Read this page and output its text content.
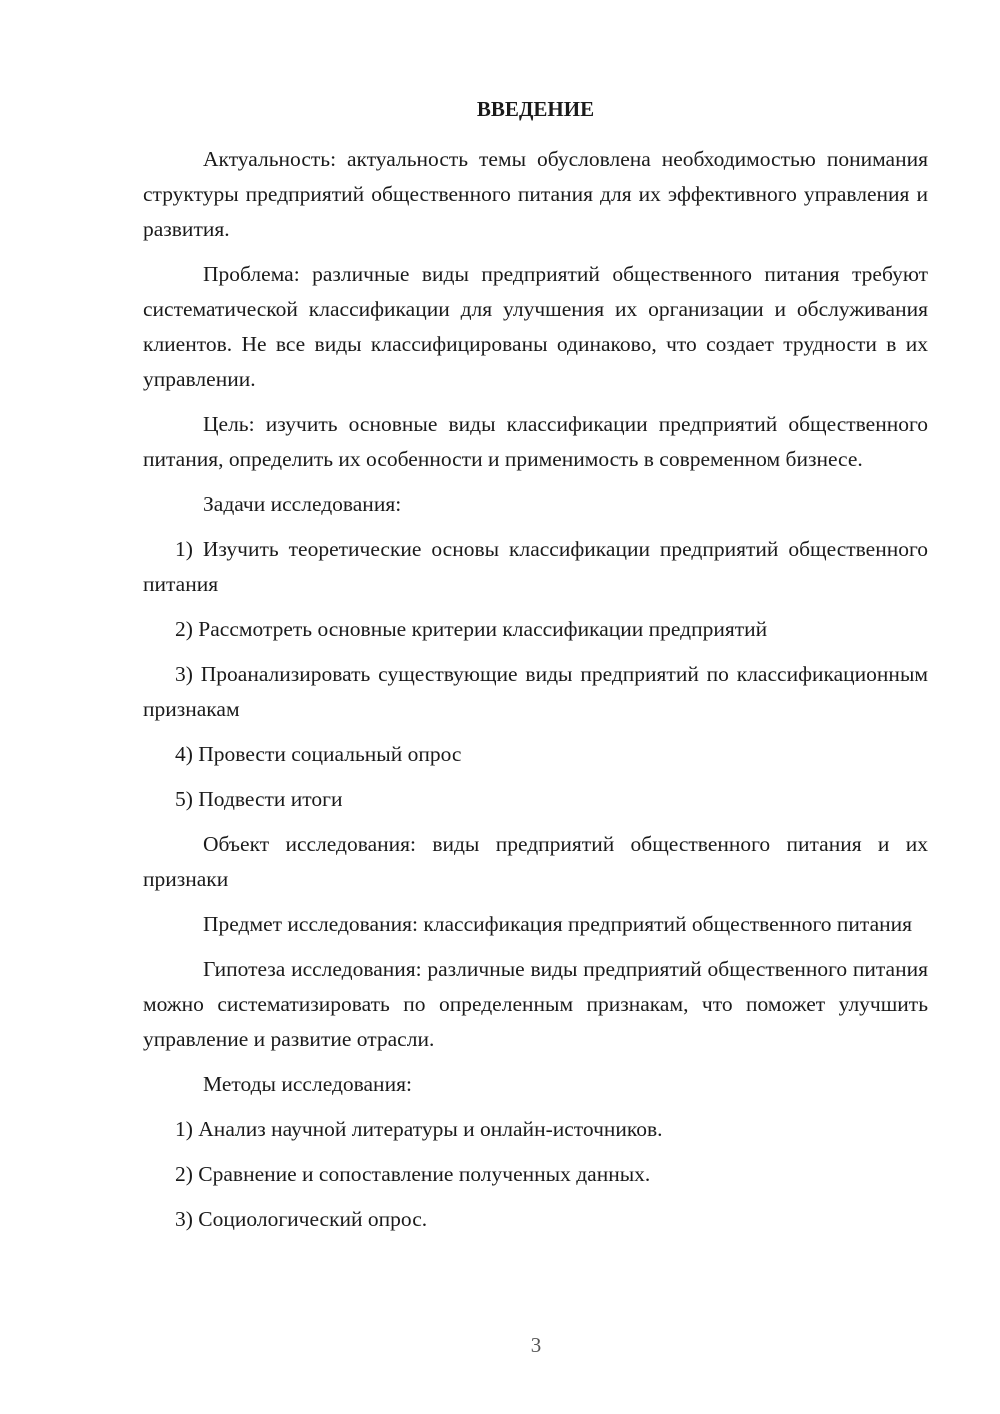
ВВЕДЕНИЕ
Актуальность: актуальность темы обусловлена необходимостью понимания структуры предприятий общественного питания для их эффективного управления и развития.
Проблема: различные виды предприятий общественного питания требуют систематической классификации для улучшения их организации и обслуживания клиентов. Не все виды классифицированы одинаково, что создает трудности в их управлении.
Цель: изучить основные виды классификации предприятий общественного питания, определить их особенности и применимость в современном бизнесе.
Задачи исследования:
1) Изучить теоретические основы классификации предприятий общественного питания
2) Рассмотреть основные критерии классификации предприятий
3) Проанализировать существующие виды предприятий по классификационным признакам
4) Провести социальный опрос
5) Подвести итоги
Объект исследования: виды предприятий общественного питания и их признаки
Предмет исследования: классификация предприятий общественного питания
Гипотеза исследования: различные виды предприятий общественного питания можно систематизировать по определенным признакам, что поможет улучшить управление и развитие отрасли.
Методы исследования:
1) Анализ научной литературы и онлайн-источников.
2) Сравнение и сопоставление полученных данных.
3) Социологический опрос.
3
